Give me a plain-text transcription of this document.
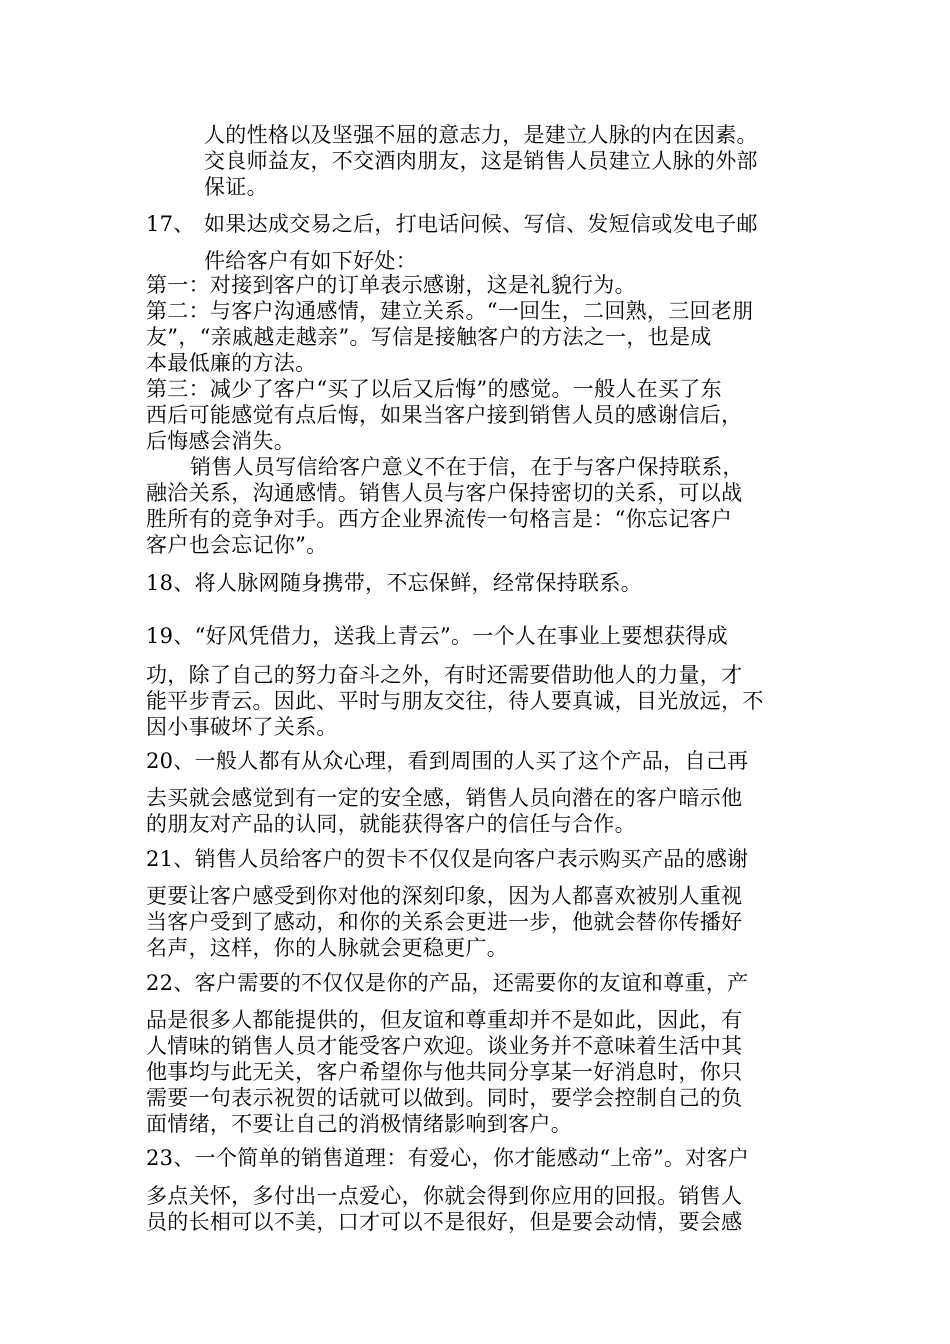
人的性格以及坚强不屈的意志力，是建立人脉的内在因素。
交良师益友，不交酒肉朋友，这是销售人员建立人脉的外部
保证。
17、 如果达成交易之后，打电话问候、写信、发短信或发电子邮
件给客户有如下好处：
第一：对接到客户的订单表示感谢，这是礼貌行为。
第二：与客户沟通感情，建立关系。“一回生，二回熟，三回老朋
友”，“亲戚越走越亲”。写信是接触客户的方法之一，也是成
本最低廉的方法。
第三：减少了客户“买了以后又后悔”的感觉。一般人在买了东
西后可能感觉有点后悔，如果当客户接到销售人员的感谢信后，
后悔感会消失。
销售人员写信给客户意义不在于信，在于与客户保持联系，
融洽关系，沟通感情。销售人员与客户保持密切的关系，可以战
胜所有的竞争对手。西方企业界流传一句格言是：“你忘记客户
客户也会忘记你”。
18、将人脉网随身携带，不忘保鲜，经常保持联系。
19、“好风凭借力，送我上青云”。一个人在事业上要想获得成
功，除了自己的努力奋斗之外，有时还需要借助他人的力量，才
能平步青云。因此、平时与朋友交往，待人要真诚，目光放远，不
因小事破坏了关系。
20、一般人都有从众心理，看到周围的人买了这个产品，自己再
去买就会感觉到有一定的安全感，销售人员向潜在的客户暗示他
的朋友对产品的认同，就能获得客户的信任与合作。
21、销售人员给客户的贺卡不仅仅是向客户表示购买产品的感谢
更要让客户感受到你对他的深刻印象，因为人都喜欢被别人重视
当客户受到了感动，和你的关系会更进一步，他就会替你传播好
名声，这样，你的人脉就会更稳更广。
22、客户需要的不仅仅是你的产品，还需要你的友谊和尊重，产
品是很多人都能提供的，但友谊和尊重却并不是如此，因此，有
人情味的销售人员才能受客户欢迎。谈业务并不意味着生活中其
他事均与此无关，客户希望你与他共同分享某一好消息时，你只
需要一句表示祝贺的话就可以做到。同时，要学会控制自己的负
面情绪，不要让自己的消极情绪影响到客户。
23、一个简单的销售道理：有爱心，你才能感动“上帝”。对客户
多点关怀，多付出一点爱心，你就会得到你应用的回报。销售人
员的长相可以不美，口才可以不是很好，但是要会动情，要会感
